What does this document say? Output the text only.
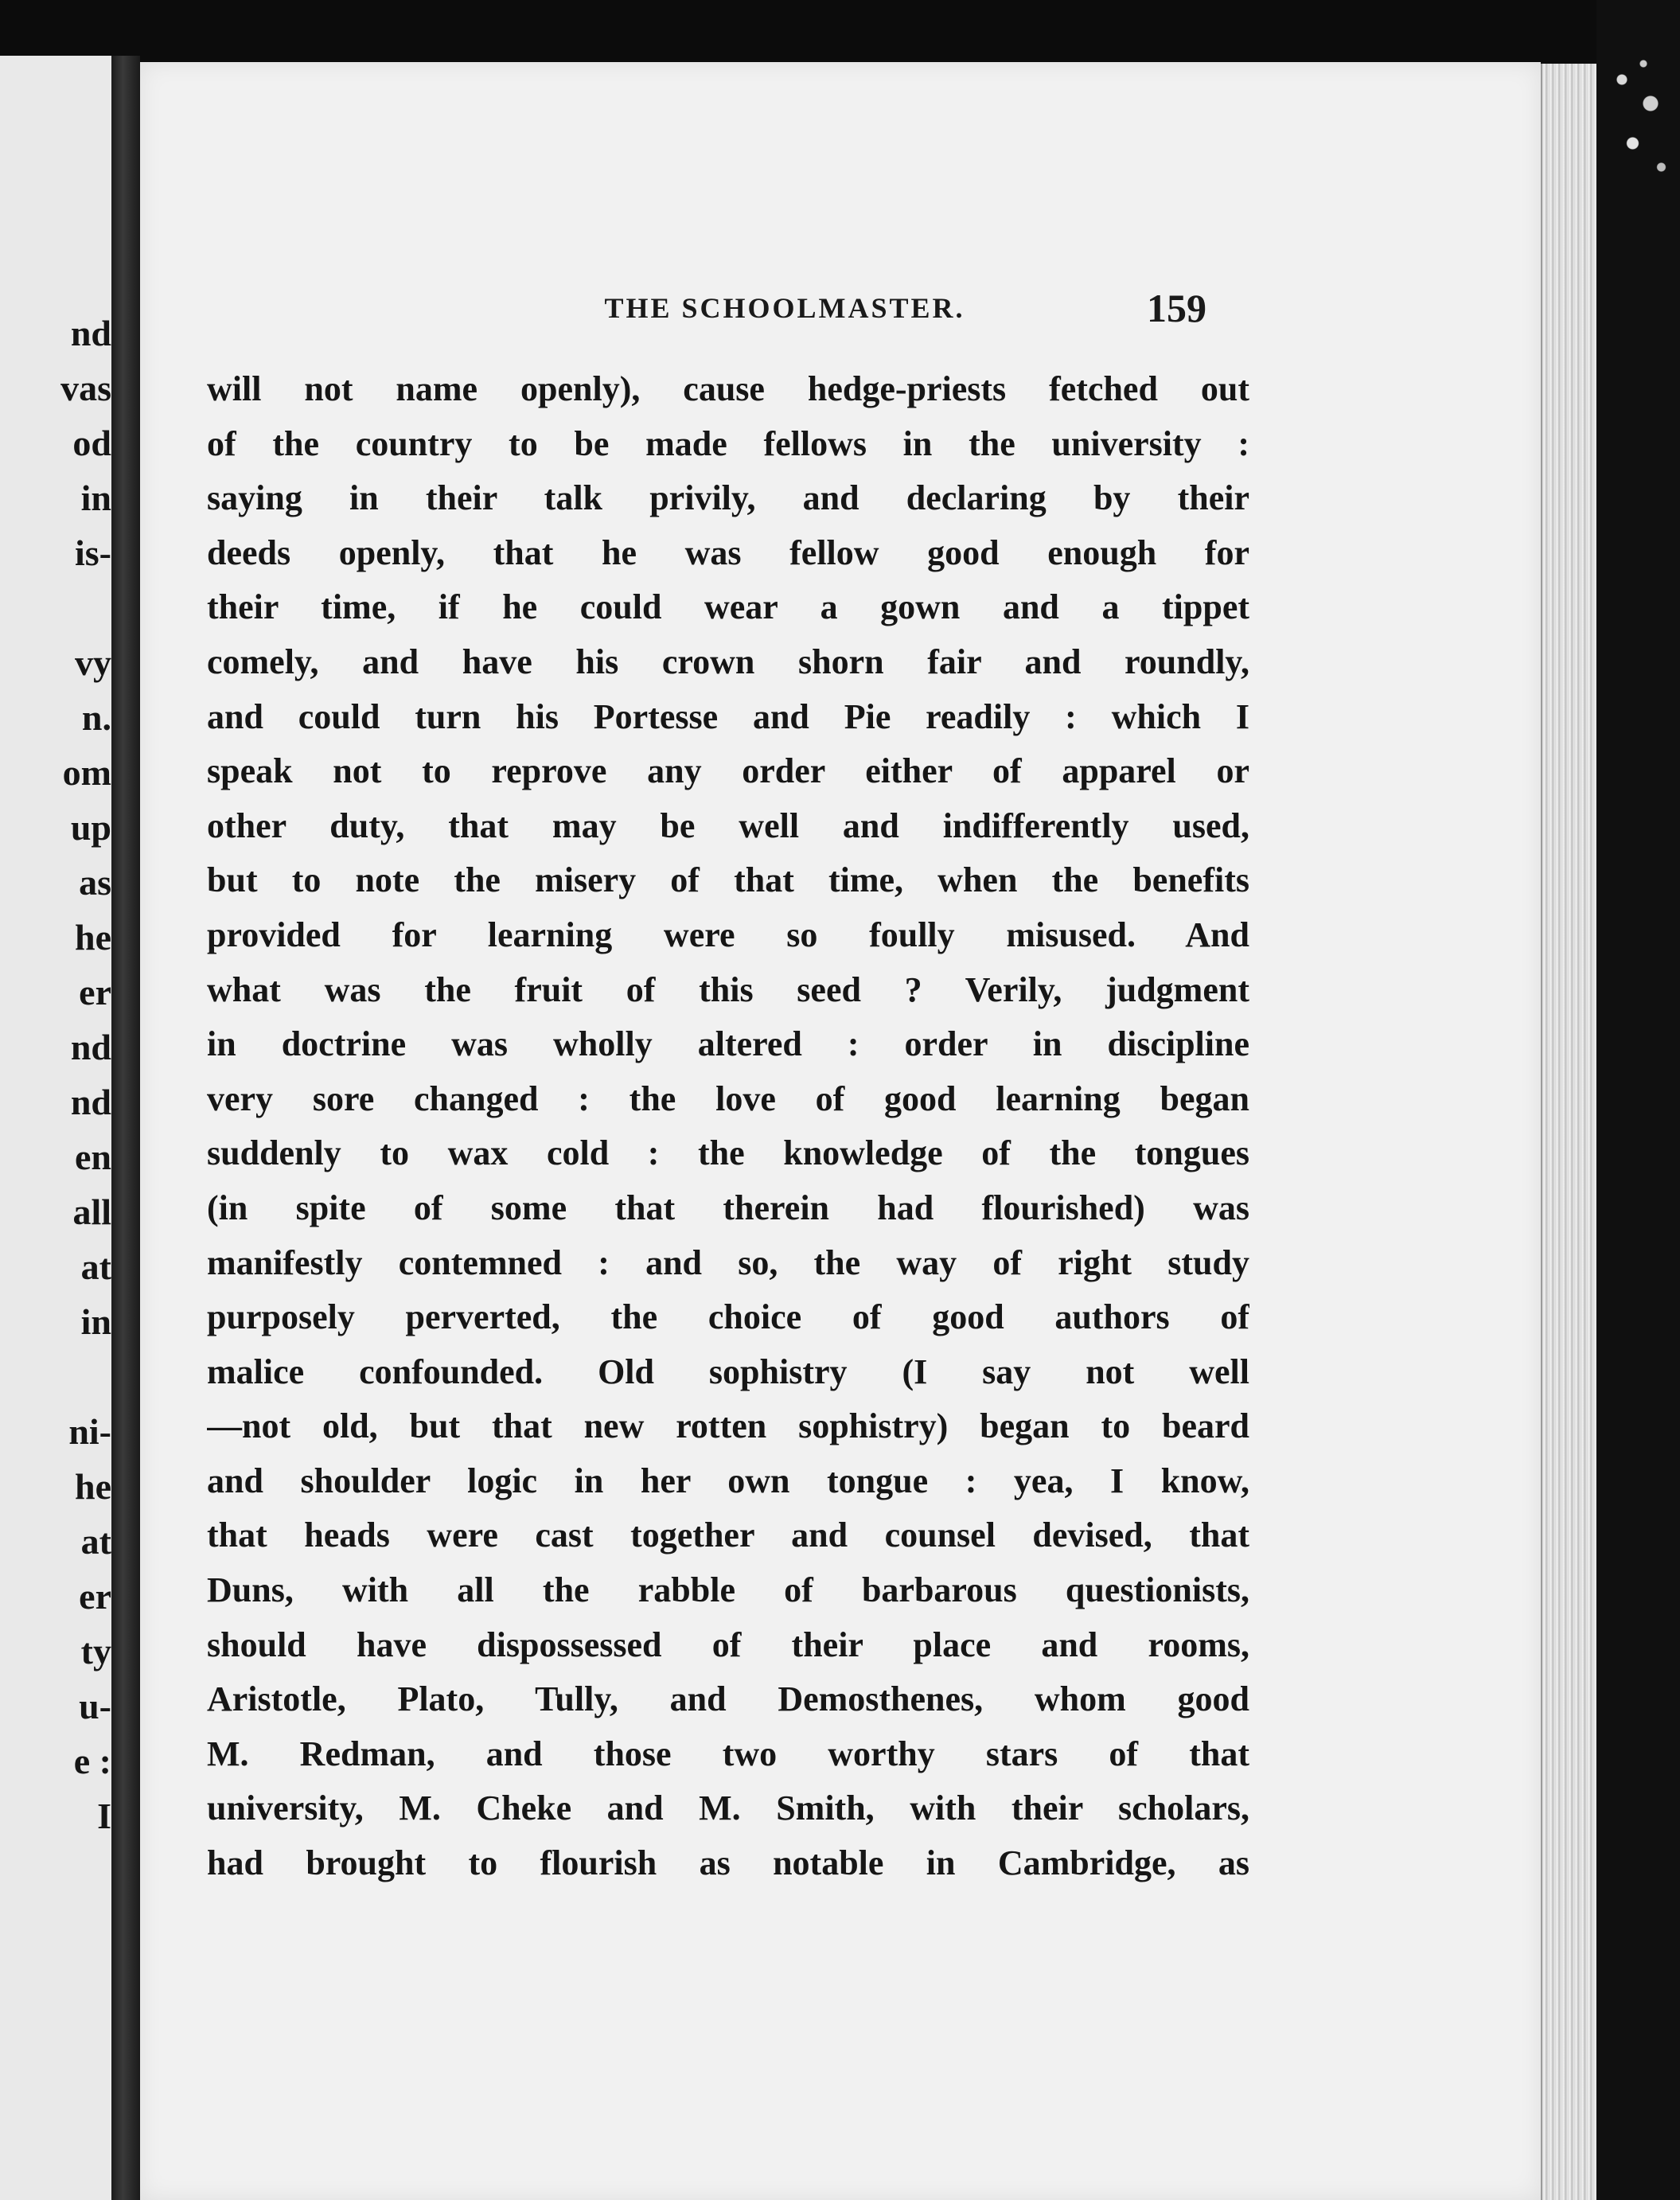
nd
vas
od
in
is-
vy
n.
om
up
as
he
er
nd
nd
en
all
at
in
ni-
he
at
er
ty
u-
e :
I
THE SCHOOLMASTER.	159
will not name openly), cause hedge-priests fetched out
of the country to be made fellows in the university :
saying in their talk privily, and declaring by their
deeds openly, that he was fellow good enough for
their time, if he could wear a gown and a tippet
comely, and have his crown shorn fair and roundly,
and could turn his Portesse and Pie readily : which I
speak not to reprove any order either of apparel or
other duty, that may be well and indifferently used,
but to note the misery of that time, when the benefits
provided for learning were so foully misused. And
what was the fruit of this seed ? Verily, judgment
in doctrine was wholly altered : order in discipline
very sore changed : the love of good learning began
suddenly to wax cold : the knowledge of the tongues
(in spite of some that therein had flourished) was
manifestly contemned : and so, the way of right study
purposely perverted, the choice of good authors of
malice confounded. Old sophistry (I say not well
—not old, but that new rotten sophistry) began to beard
and shoulder logic in her own tongue : yea, I know,
that heads were cast together and counsel devised, that
Duns, with all the rabble of barbarous questionists,
should have dispossessed of their place and rooms,
Aristotle, Plato, Tully, and Demosthenes, whom good
M. Redman, and those two worthy stars of that
university, M. Cheke and M. Smith, with their scholars,
had brought to flourish as notable in Cambridge, as
